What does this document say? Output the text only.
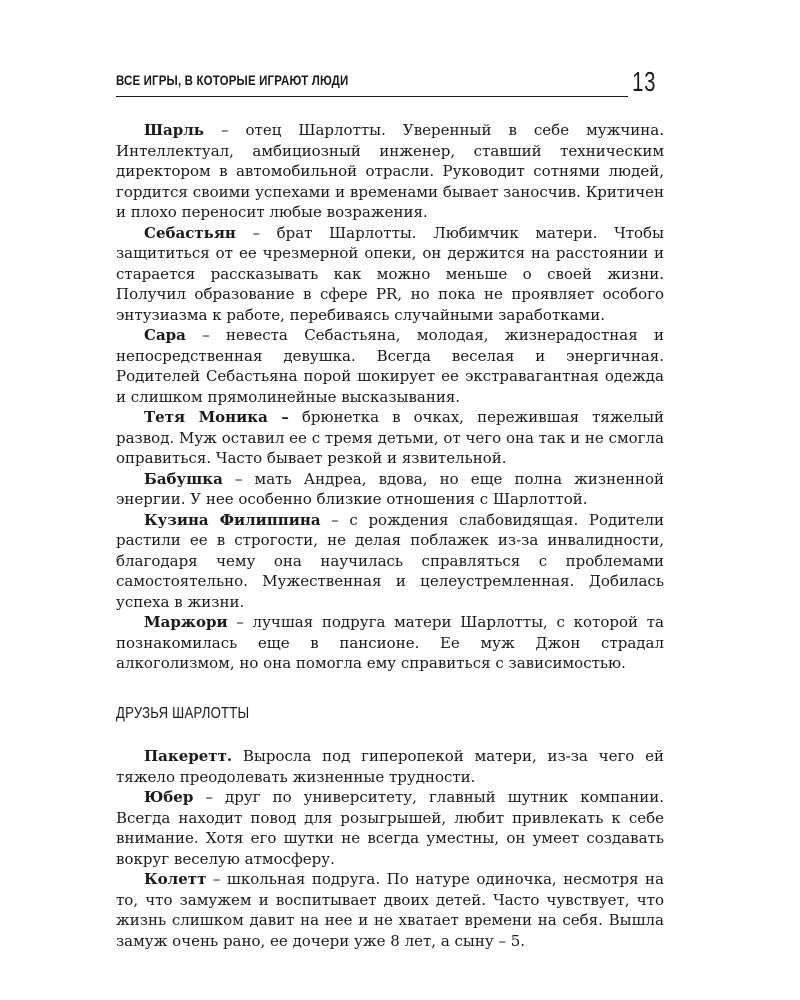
ВСЕ ИГРЫ, В КОТОРЫЕ ИГРАЮТ ЛЮДИ	13

Шарль – отец Шарлотты. Уверенный в себе мужчина. Интеллектуал, амбициозный инженер, ставший техническим директором в автомобильной отрасли. Руководит сотнями людей, гордится своими успехами и временами бывает заносчив. Критичен и плохо переносит любые возражения.

Себастьян – брат Шарлотты. Любимчик матери. Чтобы защититься от ее чрезмерной опеки, он держится на расстоянии и старается рассказывать как можно меньше о своей жизни. Получил образование в сфере PR, но пока не проявляет особого энтузиазма к работе, перебиваясь случайными заработками.

Сара – невеста Себастьяна, молодая, жизнерадостная и непосредственная девушка. Всегда веселая и энергичная. Родителей Себастьяна порой шокирует ее экстравагантная одежда и слишком прямолинейные высказывания.

Тетя Моника – брюнетка в очках, пережившая тяжелый развод. Муж оставил ее с тремя детьми, от чего она так и не смогла оправиться. Часто бывает резкой и язвительной.

Бабушка – мать Андреа, вдова, но еще полна жизненной энергии. У нее особенно близкие отношения с Шарлоттой.

Кузина Филиппина – с рождения слабовидящая. Родители растили ее в строгости, не делая поблажек из-за инвалидности, благодаря чему она научилась справляться с проблемами самостоятельно. Мужественная и целеустремленная. Добилась успеха в жизни.

Маржори – лучшая подруга матери Шарлотты, с которой та познакомилась еще в пансионе. Ее муж Джон страдал алкоголизмом, но она помогла ему справиться с зависимостью.

ДРУЗЬЯ ШАРЛОТТЫ

Пакеретт. Выросла под гиперопекой матери, из-за чего ей тяжело преодолевать жизненные трудности.

Юбер – друг по университету, главный шутник компании. Всегда находит повод для розыгрышей, любит привлекать к себе внимание. Хотя его шутки не всегда уместны, он умеет создавать вокруг веселую атмосферу.

Колетт – школьная подруга. По натуре одиночка, несмотря на то, что замужем и воспитывает двоих детей. Часто чувствует, что жизнь слишком давит на нее и не хватает времени на себя. Вышла замуж очень рано, ее дочери уже 8 лет, а сыну – 5.
